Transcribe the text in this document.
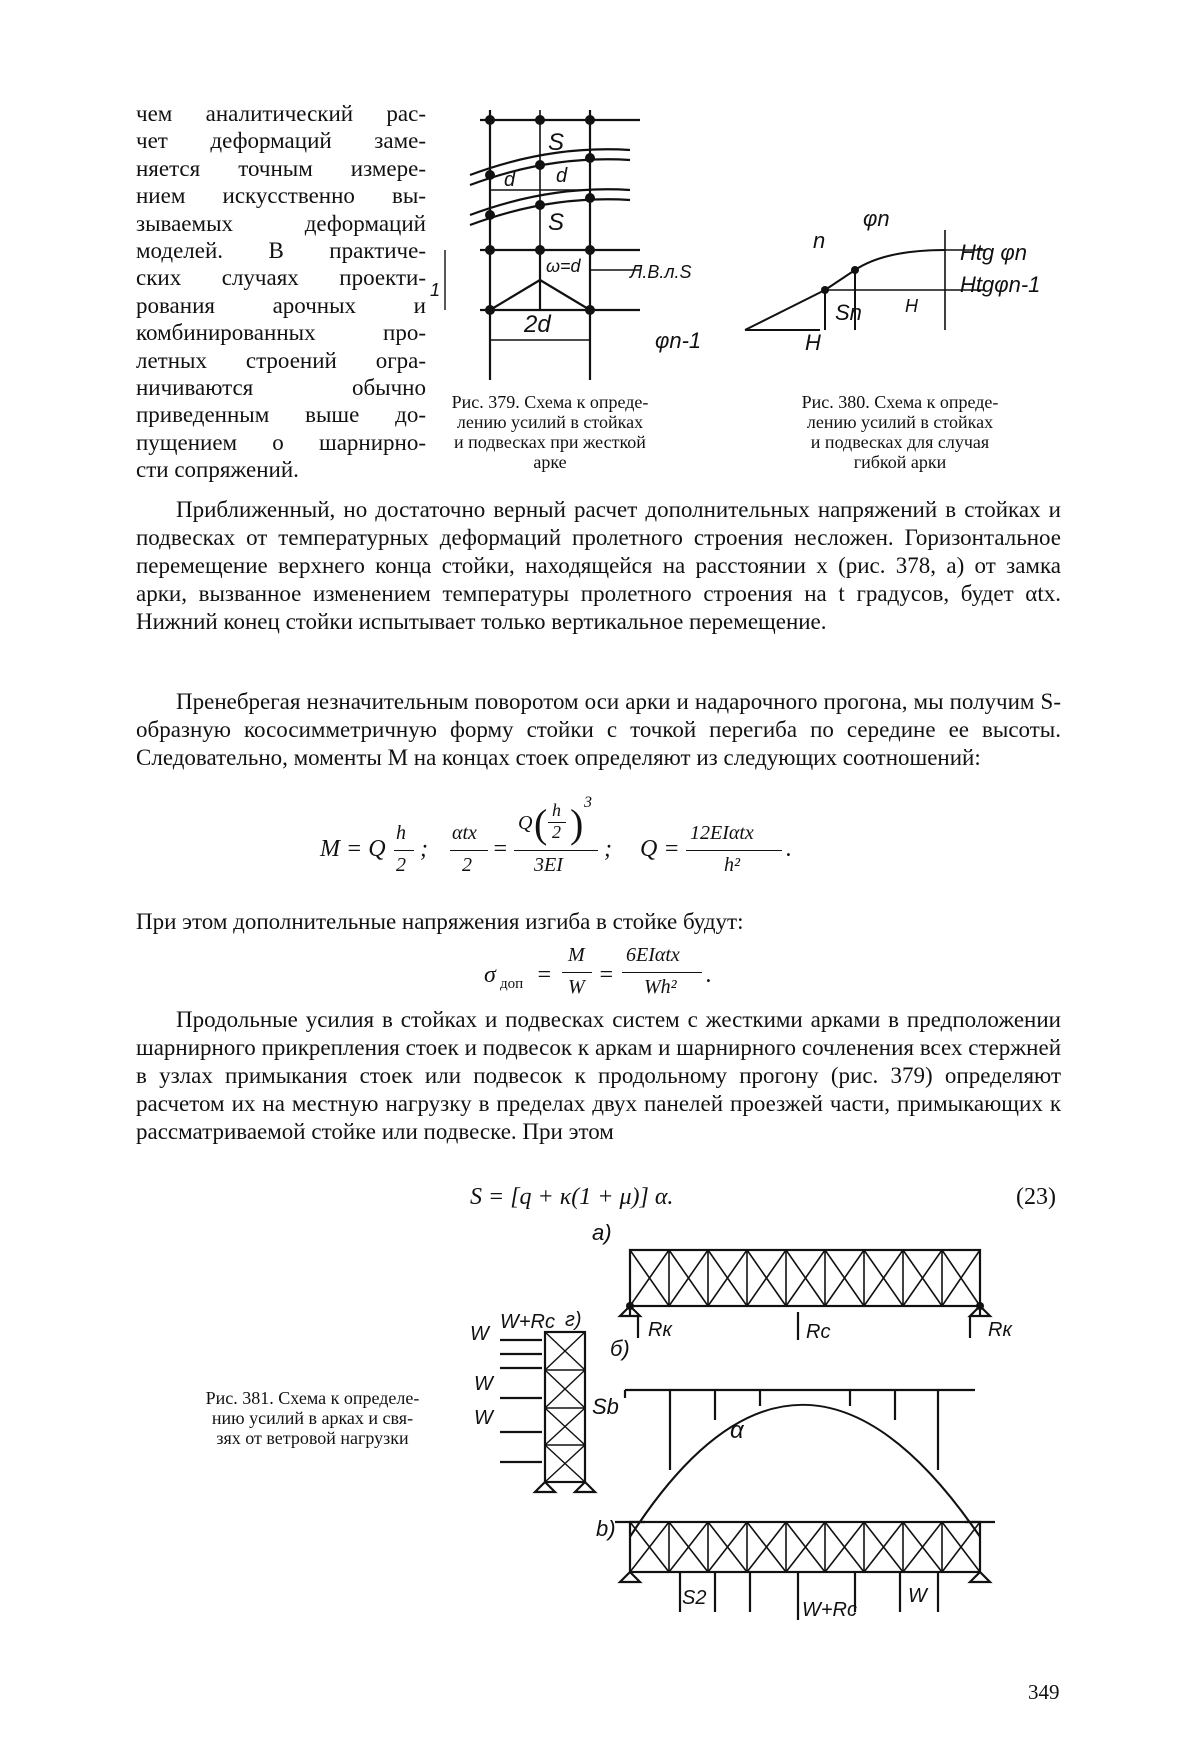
чем аналитический рас-
чет деформаций заме-
няется точным измере-
нием искусственно вы-
зываемых деформаций
моделей. В практиче-
ских случаях проекти-
рования арочных и
комбинированных про-
летных строений огра-
ничиваются обычно
приведенным выше до-
пущением о шарнирно-
сти сопряжений.
S
d d
S
ω=d	Л.В.л.S
1
2d
Рис. 379. Схема к опреде-
лению усилий в стойках
и подвесках при жесткой
арке
φn
n
Sn H
H
φn-1
Htg φn
Htgφn-1
Рис. 380. Схема к опреде-
лению усилий в стойках
и подвесках для случая
гибкой арки

Приближенный, но достаточно верный расчет дополнительных напряжений в стойках и подвесках от температурных деформаций пролетного строения несложен. Горизонтальное перемещение верхнего конца стойки, находящейся на расстоянии x (рис. 378, a) от замка арки, вызванное изменением температуры пролетного строения на t градусов, будет αtx. Нижний конец стойки испытывает только вертикальное перемещение.

Пренебрегая незначительным поворотом оси арки и надарочного прогона, мы получим S-образную кососимметричную форму стойки с точкой перегиба по середине ее высоты. Следовательно, моменты M на концах стоек определяют из следующих соотношений:

M = Q
h
2
;
αtx
2
=
Q ( h
2 ) 3
3EI
; Q =
12EIαtx
h²
.

При этом дополнительные напряжения изгиба в стойке будут:

σ доп =
M
W =
6EIαtx
Wh² .

Продольные усилия в стойках и подвесках систем с жесткими арками в предположении шарнирного прикрепления стоек и подвесок к аркам и шарнирного сочленения всех стержней в узлах примыкания стоек или подвесок к продольному прогону (рис. 379) определяют расчетом их на местную нагрузку в пределах двух панелей проезжей части, примыкающих к рассматриваемой стойке или подвеске. При этом

S = [q + κ(1 + μ)] α.	(23)
a)
Rк	Rc	Rк
W
W+Rc г)
б)
W
W	Sb
α
b)
S2
W+Rc
W
Рис. 381. Схема к определе-
нию усилий в арках и свя-
зях от ветровой нагрузки
349
